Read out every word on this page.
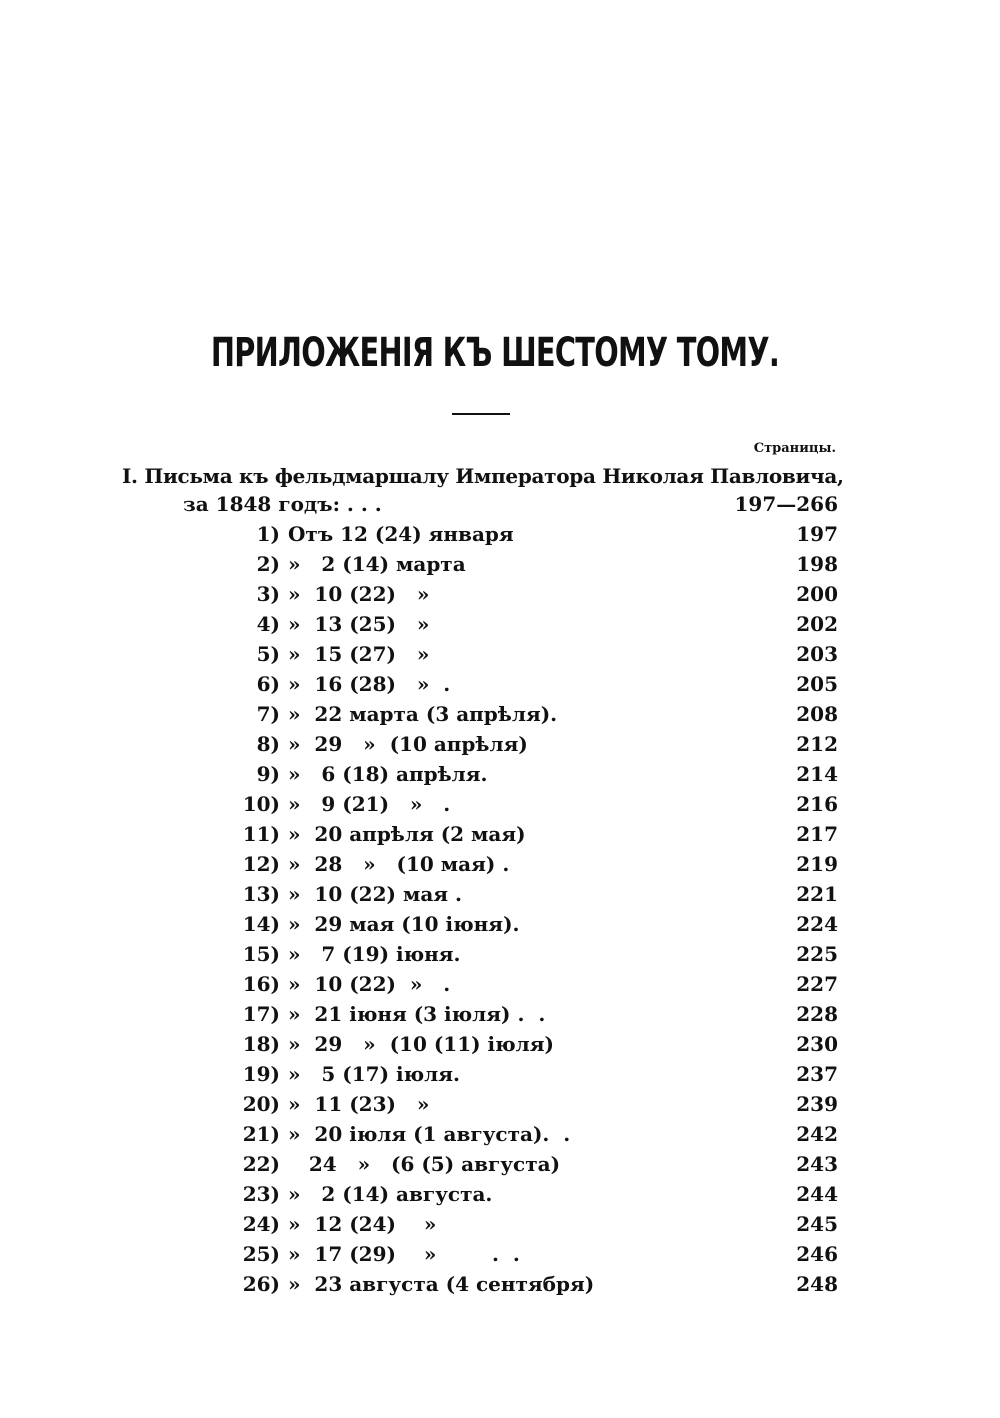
ПРИЛОЖЕНІЯ КЪ ШЕСТОМУ ТОМУ.
Страницы.
I. Письма къ фельдмаршалу Императора Николая Павловича,
за 1848 годъ: . . .	197—266
1) Отъ 12 (24) января	197
2) »   2 (14) марта	198
3) »  10 (22)   »	200
4) »  13 (25)   »	202
5) »  15 (27)   »	203
6) »  16 (28)   »  .	205
7) »  22 марта (3 апрѣля).	208
8) »  29   »  (10 апрѣля)	212
9) »   6 (18) апрѣля.	214
10) »   9 (21)   »   .	216
11) »  20 апрѣля (2 мая)	217
12) »  28   »   (10 мая) .	219
13) »  10 (22) мая .	221
14) »  29 мая (10 іюня).	224
15) »   7 (19) іюня.	225
16) »  10 (22)  »   .	227
17) »  21 іюня (3 іюля) .  .	228
18) »  29   »  (10 (11) іюля)	230
19) »   5 (17) іюля.	237
20) »  11 (23)   »	239
21) »  20 іюля (1 августа).  .	242
22) 24   »   (6 (5) августа)	243
23) »   2 (14) августа.	244
24) »  12 (24)    »	245
25) »  17 (29)    »        .  .	246
26) »  23 августа (4 сентября)	248
